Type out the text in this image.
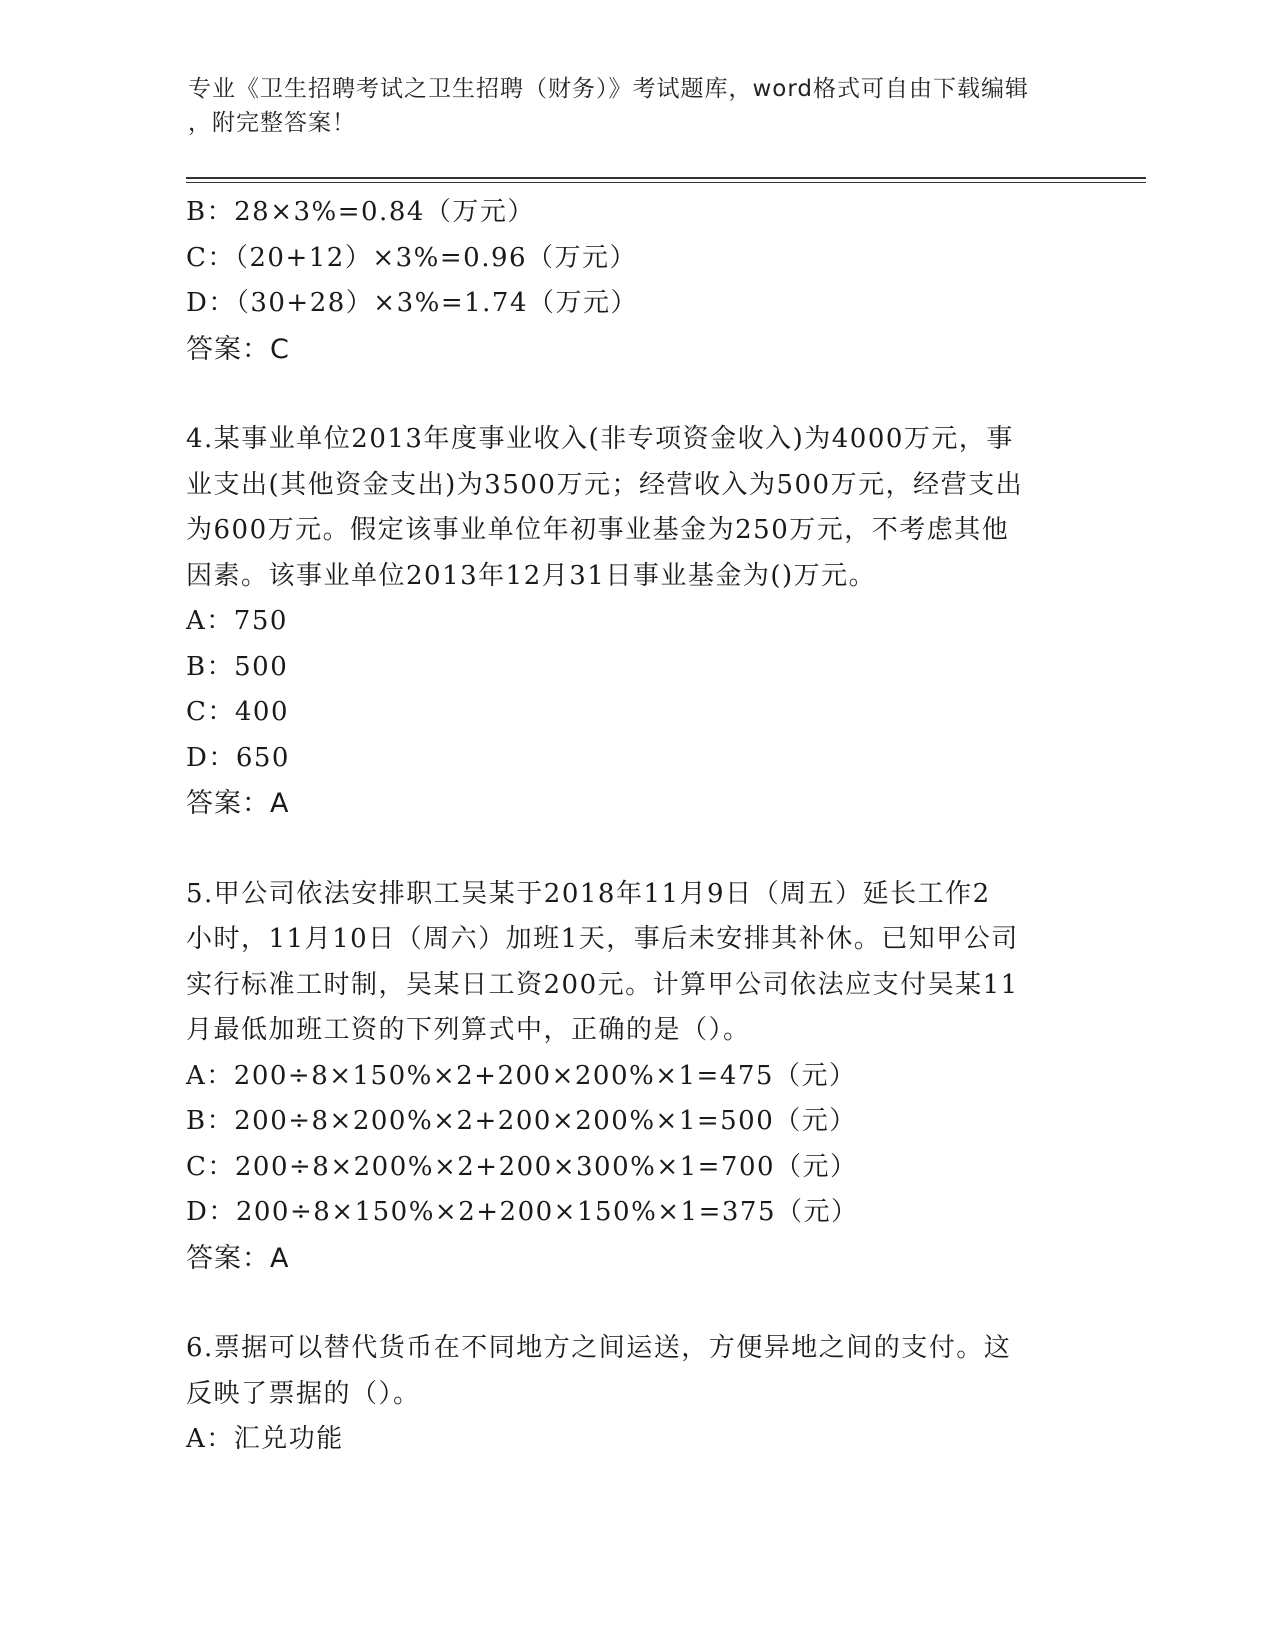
专业《卫生招聘考试之卫生招聘（财务）》考试题库，word格式可自由下载编辑
，附完整答案！
B：28×3%=0.84（万元）
C：（20+12）×3%=0.96（万元）
D：（30+28）×3%=1.74（万元）
答案：C
4.某事业单位2013年度事业收入(非专项资金收入)为4000万元，事
业支出(其他资金支出)为3500万元；经营收入为500万元，经营支出
为600万元。假定该事业单位年初事业基金为250万元，不考虑其他
因素。该事业单位2013年12月31日事业基金为()万元。
A：750
B：500
C：400
D：650
答案：A
5.甲公司依法安排职工吴某于2018年11月9日（周五）延长工作2
小时，11月10日（周六）加班1天，事后未安排其补休。已知甲公司
实行标准工时制，吴某日工资200元。计算甲公司依法应支付吴某11
月最低加班工资的下列算式中，正确的是（）。
A：200÷8×150%×2+200×200%×1=475（元）
B：200÷8×200%×2+200×200%×1=500（元）
C：200÷8×200%×2+200×300%×1=700（元）
D：200÷8×150%×2+200×150%×1=375（元）
答案：A
6.票据可以替代货币在不同地方之间运送，方便异地之间的支付。这
反映了票据的（）。
A：汇兑功能
